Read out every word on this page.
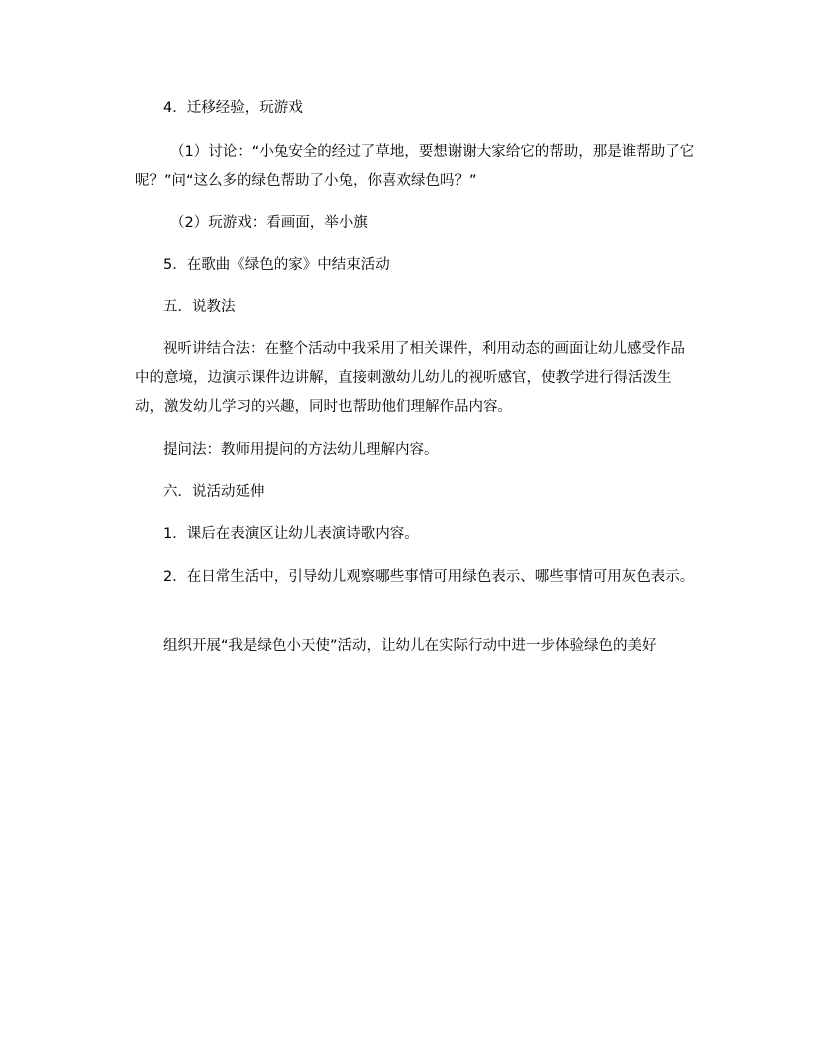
4．迁移经验，玩游戏

（1）讨论：“小兔安全的经过了草地，要想谢谢大家给它的帮助，那是谁帮助了它呢？”问“这么多的绿色帮助了小兔，你喜欢绿色吗？”

（2）玩游戏：看画面，举小旗

5．在歌曲《绿色的家》中结束活动

五．说教法

视听讲结合法：在整个活动中我采用了相关课件，利用动态的画面让幼儿感受作品中的意境，边演示课件边讲解，直接刺激幼儿幼儿的视听感官，使教学进行得活泼生动，激发幼儿学习的兴趣，同时也帮助他们理解作品内容。

提问法：教师用提问的方法幼儿理解内容。

六．说活动延伸

1．课后在表演区让幼儿表演诗歌内容。

2．在日常生活中，引导幼儿观察哪些事情可用绿色表示、哪些事情可用灰色表示。

组织开展“我是绿色小天使”活动，让幼儿在实际行动中进一步体验绿色的美好
